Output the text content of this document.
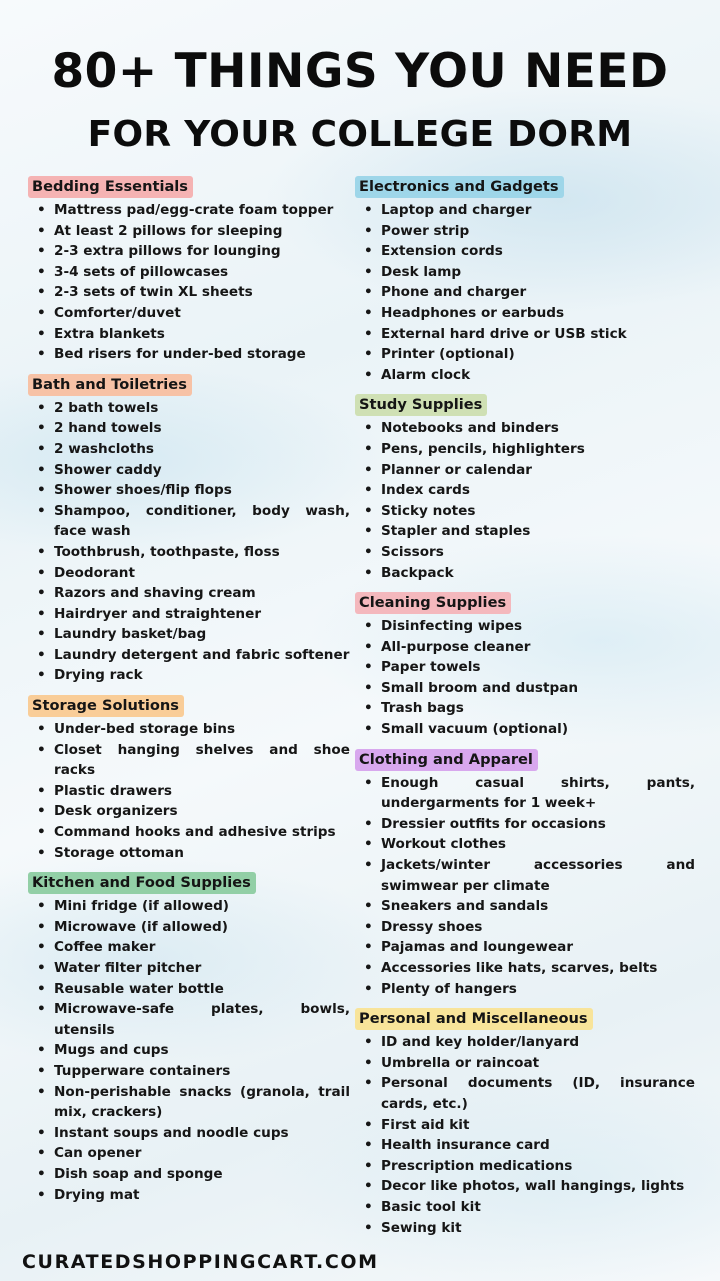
80+ THINGS YOU NEED
FOR YOUR COLLEGE DORM
Bedding Essentials
• Mattress pad/egg-crate foam topper
• At least 2 pillows for sleeping
• 2-3 extra pillows for lounging
• 3-4 sets of pillowcases
• 2-3 sets of twin XL sheets
• Comforter/duvet
• Extra blankets
• Bed risers for under-bed storage
Bath and Toiletries
• 2 bath towels
• 2 hand towels
• 2 washcloths
• Shower caddy
• Shower shoes/flip flops
• Shampoo, conditioner, body wash, face wash
• Toothbrush, toothpaste, floss
• Deodorant
• Razors and shaving cream
• Hairdryer and straightener
• Laundry basket/bag
• Laundry detergent and fabric softener
• Drying rack
Storage Solutions
• Under-bed storage bins
• Closet hanging shelves and shoe racks
• Plastic drawers
• Desk organizers
• Command hooks and adhesive strips
• Storage ottoman
Kitchen and Food Supplies
• Mini fridge (if allowed)
• Microwave (if allowed)
• Coffee maker
• Water filter pitcher
• Reusable water bottle
• Microwave-safe plates, bowls, utensils
• Mugs and cups
• Tupperware containers
• Non-perishable snacks (granola, trail mix, crackers)
• Instant soups and noodle cups
• Can opener
• Dish soap and sponge
• Drying mat
Electronics and Gadgets
• Laptop and charger
• Power strip
• Extension cords
• Desk lamp
• Phone and charger
• Headphones or earbuds
• External hard drive or USB stick
• Printer (optional)
• Alarm clock
Study Supplies
• Notebooks and binders
• Pens, pencils, highlighters
• Planner or calendar
• Index cards
• Sticky notes
• Stapler and staples
• Scissors
• Backpack
Cleaning Supplies
• Disinfecting wipes
• All-purpose cleaner
• Paper towels
• Small broom and dustpan
• Trash bags
• Small vacuum (optional)
Clothing and Apparel
• Enough casual shirts, pants, undergarments for 1 week+
• Dressier outfits for occasions
• Workout clothes
• Jackets/winter accessories and swimwear per climate
• Sneakers and sandals
• Dressy shoes
• Pajamas and loungewear
• Accessories like hats, scarves, belts
• Plenty of hangers
Personal and Miscellaneous
• ID and key holder/lanyard
• Umbrella or raincoat
• Personal documents (ID, insurance cards, etc.)
• First aid kit
• Health insurance card
• Prescription medications
• Decor like photos, wall hangings, lights
• Basic tool kit
• Sewing kit
CURATEDSHOPPINGCART.COM
